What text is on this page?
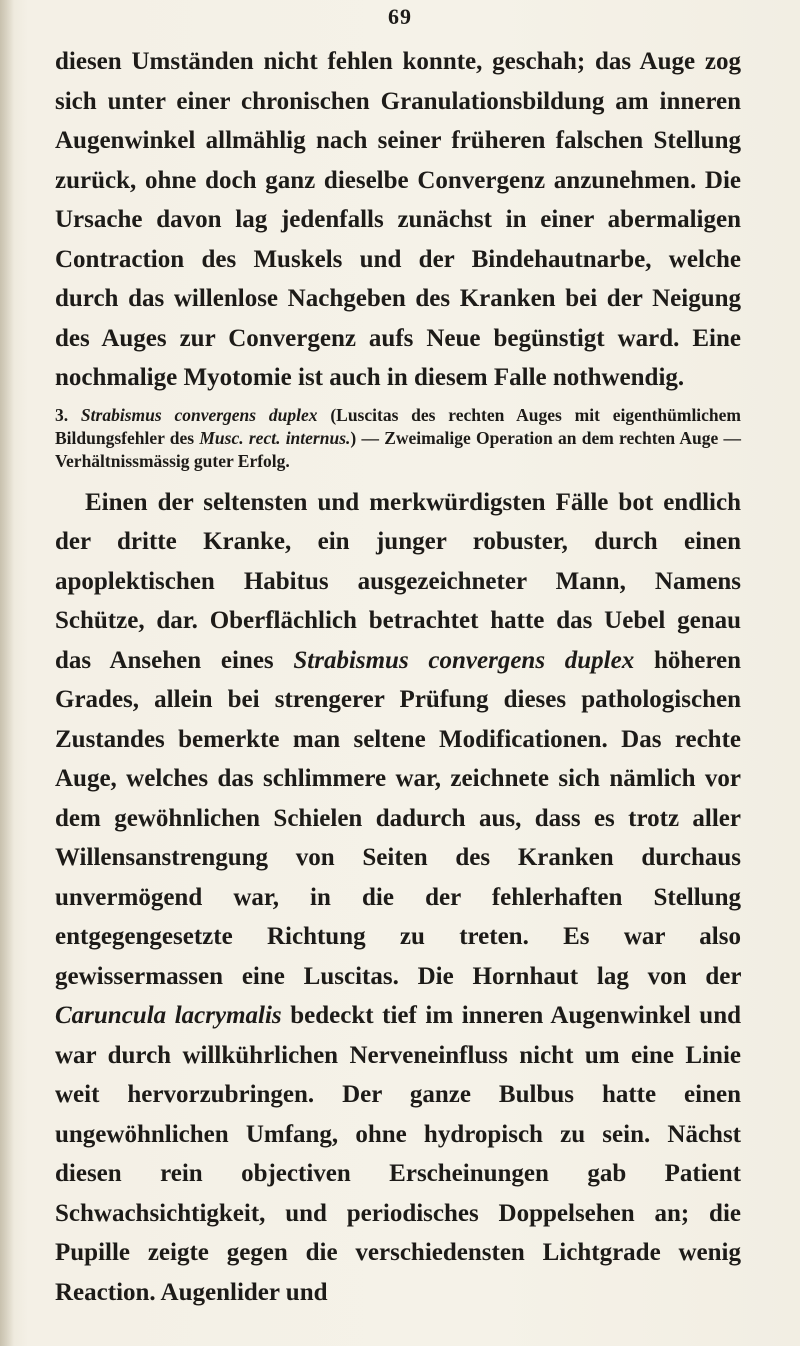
69

diesen Umständen nicht fehlen konnte, geschah; das Auge zog sich unter einer chronischen Granulationsbildung am inneren Augenwinkel allmählig nach seiner früheren falschen Stellung zurück, ohne doch ganz dieselbe Convergenz anzunehmen. Die Ursache davon lag jedenfalls zunächst in einer abermaligen Contraction des Muskels und der Bindehautnarbe, welche durch das willenlose Nachgeben des Kranken bei der Neigung des Auges zur Convergenz aufs Neue begünstigt ward. Eine nochmalige Myotomie ist auch in diesem Falle nothwendig.

3. Strabismus convergens duplex (Luscitas des rechten Auges mit eigenthümlichem Bildungsfehler des Musc. rect. internus.) — Zweimalige Operation an dem rechten Auge — Verhältnissmässig guter Erfolg.

Einen der seltensten und merkwürdigsten Fälle bot endlich der dritte Kranke, ein junger robuster, durch einen apoplektischen Habitus ausgezeichneter Mann, Namens Schütze, dar. Oberflächlich betrachtet hatte das Uebel genau das Ansehen eines Strabismus convergens duplex höheren Grades, allein bei strengerer Prüfung dieses pathologischen Zustandes bemerkte man seltene Modificationen. Das rechte Auge, welches das schlimmere war, zeichnete sich nämlich vor dem gewöhnlichen Schielen dadurch aus, dass es trotz aller Willensanstrengung von Seiten des Kranken durchaus unvermögend war, in die der fehlerhaften Stellung entgegengesetzte Richtung zu treten. Es war also gewissermassen eine Luscitas. Die Hornhaut lag von der Caruncula lacrymalis bedeckt tief im inneren Augenwinkel und war durch willkührlichen Nerveneinfluss nicht um eine Linie weit hervorzubringen. Der ganze Bulbus hatte einen ungewöhnlichen Umfang, ohne hydropisch zu sein. Nächst diesen rein objectiven Erscheinungen gab Patient Schwachsichtigkeit, und periodisches Doppelsehen an; die Pupille zeigte gegen die verschiedensten Lichtgrade wenig Reaction. Augenlider und
